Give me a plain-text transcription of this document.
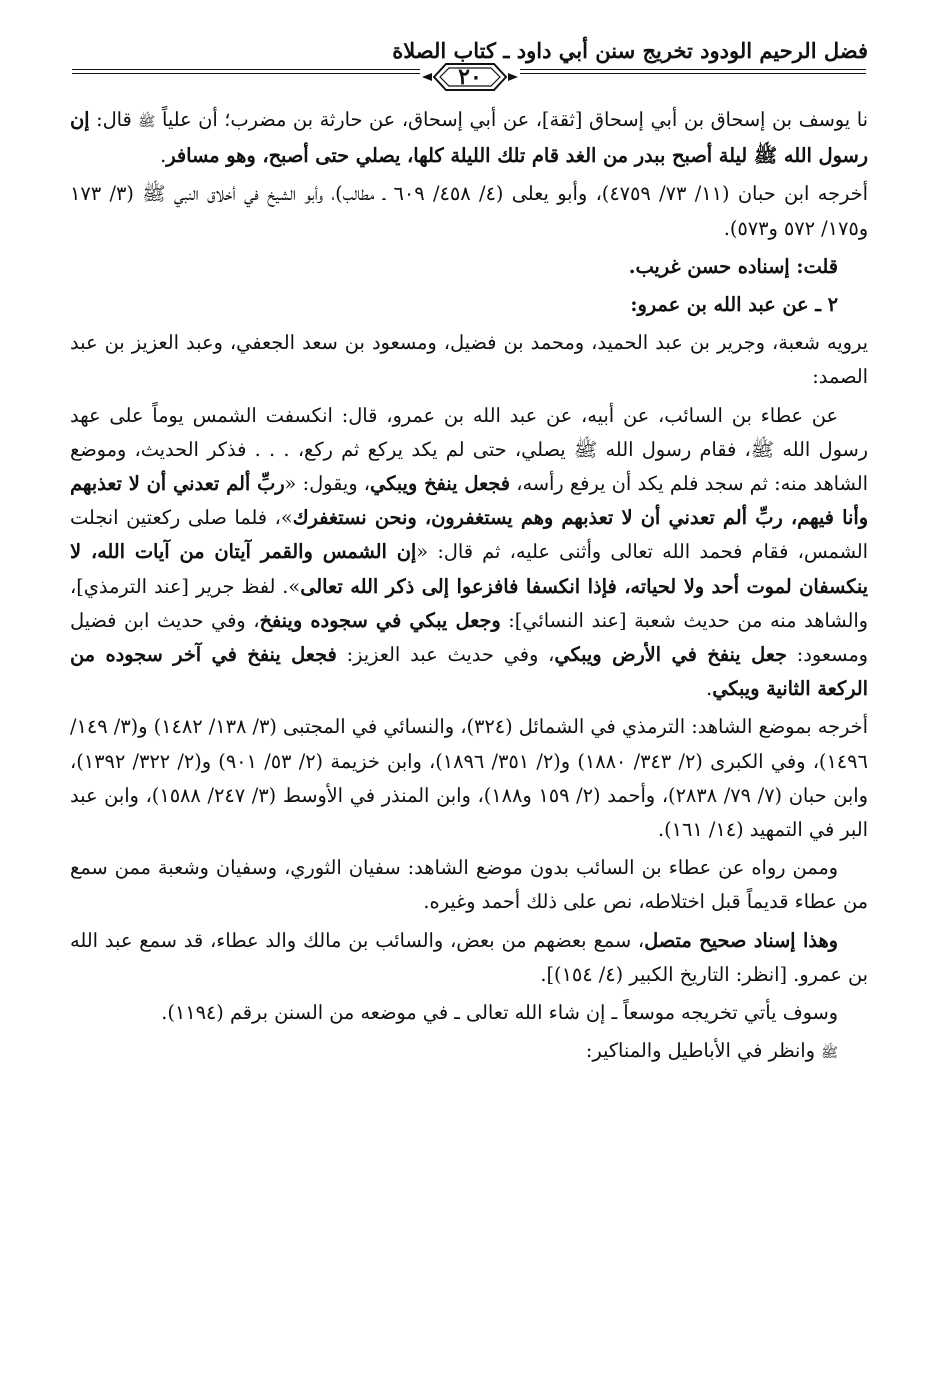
فضل الرحيم الودود تخريج سنن أبي داود ـ كتاب الصلاة
٢٠

نا يوسف بن إسحاق بن أبي إسحاق [ثقة]، عن أبي إسحاق، عن حارثة بن مضرب؛ أن علياً ﷺ قال: إن رسول الله ﷺ ليلة أصبح ببدر من الغد قام تلك الليلة كلها، يصلي حتى أصبح، وهو مسافر.

أخرجه ابن حبان (١١/ ٧٣/ ٤٧٥٩)، وأبو يعلى (٤/ ٤٥٨/ ٦٠٩ ـ مطالب)، وأبو الشيخ في أخلاق النبي ﷺ (٣/ ١٧٣ و١٧٥/ ٥٧٢ و٥٧٣).

قلت: إسناده حسن غريب.

٢ ـ عن عبد الله بن عمرو:

يرويه شعبة، وجرير بن عبد الحميد، ومحمد بن فضيل، ومسعود بن سعد الجعفي، وعبد العزيز بن عبد الصمد:

عن عطاء بن السائب، عن أبيه، عن عبد الله بن عمرو، قال: انكسفت الشمس يوماً على عهد رسول الله ﷺ، فقام رسول الله ﷺ يصلي، حتى لم يكد يركع ثم ركع، . . . فذكر الحديث، وموضع الشاهد منه: ثم سجد فلم يكد أن يرفع رأسه، فجعل ينفخ ويبكي، ويقول: «ربِّ ألم تعدني أن لا تعذبهم وأنا فيهم، ربِّ ألم تعدني أن لا تعذبهم وهم يستغفرون، ونحن نستغفرك»، فلما صلى ركعتين انجلت الشمس، فقام فحمد الله تعالى وأثنى عليه، ثم قال: «إن الشمس والقمر آيتان من آيات الله، لا ينكسفان لموت أحد ولا لحياته، فإذا انكسفا فافزعوا إلى ذكر الله تعالى». لفظ جرير [عند الترمذي]، والشاهد منه من حديث شعبة [عند النسائي]: وجعل يبكي في سجوده وينفخ، وفي حديث ابن فضيل ومسعود: جعل ينفخ في الأرض ويبكي، وفي حديث عبد العزيز: فجعل ينفخ في آخر سجوده من الركعة الثانية ويبكي.

أخرجه بموضع الشاهد: الترمذي في الشمائل (٣٢٤)، والنسائي في المجتبى (٣/ ١٣٨/ ١٤٨٢) و(٣/ ١٤٩/ ١٤٩٦)، وفي الكبرى (٢/ ٣٤٣/ ١٨٨٠) و(٢/ ٣٥١/ ١٨٩٦)، وابن خزيمة (٢/ ٥٣/ ٩٠١) و(٢/ ٣٢٢/ ١٣٩٢)، وابن حبان (٧/ ٧٩/ ٢٨٣٨)، وأحمد (٢/ ١٥٩ و١٨٨)، وابن المنذر في الأوسط (٣/ ٢٤٧/ ١٥٨٨)، وابن عبد البر في التمهيد (١٤/ ١٦١).

وممن رواه عن عطاء بن السائب بدون موضع الشاهد: سفيان الثوري، وسفيان وشعبة ممن سمع من عطاء قديماً قبل اختلاطه، نص على ذلك أحمد وغيره.

وهذا إسناد صحيح متصل، سمع بعضهم من بعض، والسائب بن مالك والد عطاء، قد سمع عبد الله بن عمرو. [انظر: التاريخ الكبير (٤/ ١٥٤)].

وسوف يأتي تخريجه موسعاً ـ إن شاء الله تعالى ـ في موضعه من السنن برقم (١١٩٤).

ﷺ وانظر في الأباطيل والمناكير:
